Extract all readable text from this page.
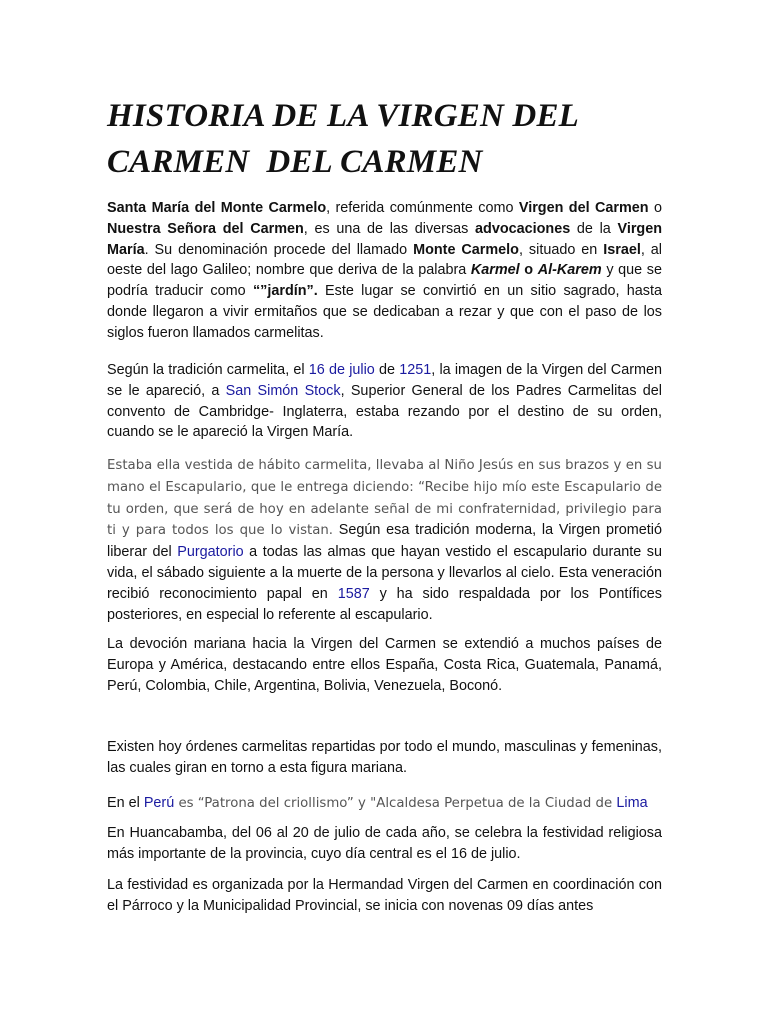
HISTORIA DE LA VIRGEN DEL
CARMEN  DEL CARMEN

Santa María del Monte Carmelo, referida comúnmente como Virgen del Carmen o Nuestra Señora del Carmen, es una de las diversas advocaciones de la Virgen María. Su denominación procede del llamado Monte Carmelo, situado en Israel, al oeste del lago Galileo; nombre que deriva de la palabra Karmel o Al-Karem y que se podría traducir como “”jardín”. Este lugar se convirtió en un sitio sagrado, hasta donde llegaron a vivir ermitaños que se dedicaban a rezar y que con el paso de los siglos fueron llamados carmelitas.

Según la tradición carmelita, el 16 de julio de 1251, la imagen de la Virgen del Carmen se le apareció, a San Simón Stock, Superior General de los Padres Carmelitas del convento de Cambridge- Inglaterra, estaba rezando por el destino de su orden, cuando se le apareció la Virgen María.

Estaba ella vestida de hábito carmelita, llevaba al Niño Jesús en sus brazos y en su mano el Escapulario, que le entrega diciendo: “Recibe hijo mío este Escapulario de tu orden, que será de hoy en adelante señal de mi confraternidad, privilegio para ti y para todos los que lo vistan. Según esa tradición moderna, la Virgen prometió liberar del Purgatorio a todas las almas que hayan vestido el escapulario durante su vida, el sábado siguiente a la muerte de la persona y llevarlos al cielo. Esta veneración recibió reconocimiento papal en 1587 y ha sido respaldada por los Pontífices posteriores, en especial lo referente al escapulario.

La devoción mariana hacia la Virgen del Carmen se extendió a muchos países de Europa y América, destacando entre ellos España, Costa Rica, Guatemala, Panamá, Perú, Colombia, Chile, Argentina, Bolivia, Venezuela, Boconó.

Existen hoy órdenes carmelitas repartidas por todo el mundo, masculinas y femeninas, las cuales giran en torno a esta figura mariana.

En el Perú es “Patrona del criollismo” y "Alcaldesa Perpetua de la Ciudad de Lima

En Huancabamba, del 06 al 20 de julio de cada año, se celebra la festividad religiosa más importante de la provincia, cuyo día central es el 16 de julio.

La festividad es organizada por la Hermandad Virgen del Carmen en coordinación con el Párroco y la Municipalidad Provincial, se inicia con novenas 09 días antes
